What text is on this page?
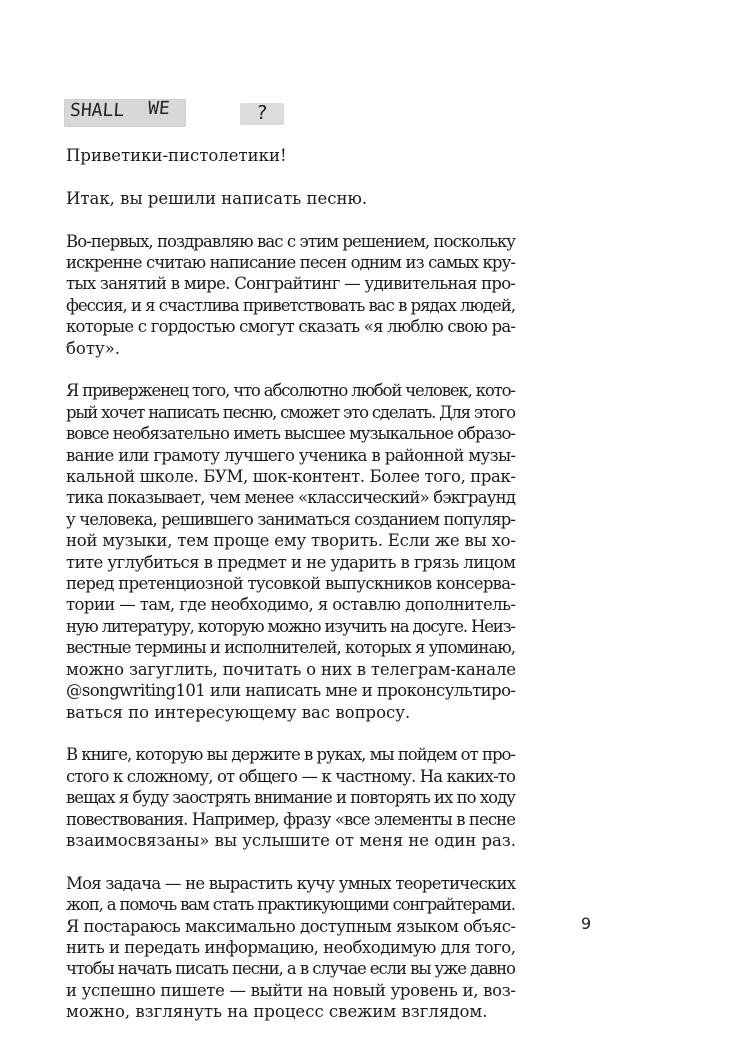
SHALL WE	?
Приветики-пистолетики!
Итак, вы решили написать песню.
Во-первых, поздравляю вас с этим решением, поскольку
искренне считаю написание песен одним из самых кру-
тых занятий в мире. Сонграйтинг — удивительная про-
фессия, и я счастлива приветствовать вас в рядах людей,
которые с гордостью смогут сказать «я люблю свою ра-
боту».
Я приверженец того, что абсолютно любой человек, кото-
рый хочет написать песню, сможет это сделать. Для этого
вовсе необязательно иметь высшее музыкальное образо-
вание или грамоту лучшего ученика в районной музы-
кальной школе. БУМ, шок-контент. Более того, прак-
тика показывает, чем менее «классический» бэкграунд
у человека, решившего заниматься созданием популяр-
ной музыки, тем проще ему творить. Если же вы хо-
тите углубиться в предмет и не ударить в грязь лицом
перед претенциозной тусовкой выпускников консерва-
тории — там, где необходимо, я оставлю дополнитель-
ную литературу, которую можно изучить на досуге. Неиз-
вестные термины и исполнителей, которых я упоминаю,
можно загуглить, почитать о них в телеграм-канале
@songwriting101 или написать мне и проконсультиро-
ваться по интересующему вас вопросу.
В книге, которую вы держите в руках, мы пойдем от про-
стого к сложному, от общего — к частному. На каких-то
вещах я буду заострять внимание и повторять их по ходу
повествования. Например, фразу «все элементы в песне
взаимосвязаны» вы услышите от меня не один раз.
Моя задача — не вырастить кучу умных теоретических
жоп, а помочь вам стать практикующими сонграйтерами.
Я постараюсь максимально доступным языком объяс-
нить и передать информацию, необходимую для того,
чтобы начать писать песни, а в случае если вы уже давно
и успешно пишете — выйти на новый уровень и, воз-
можно, взглянуть на процесс свежим взглядом.
9
